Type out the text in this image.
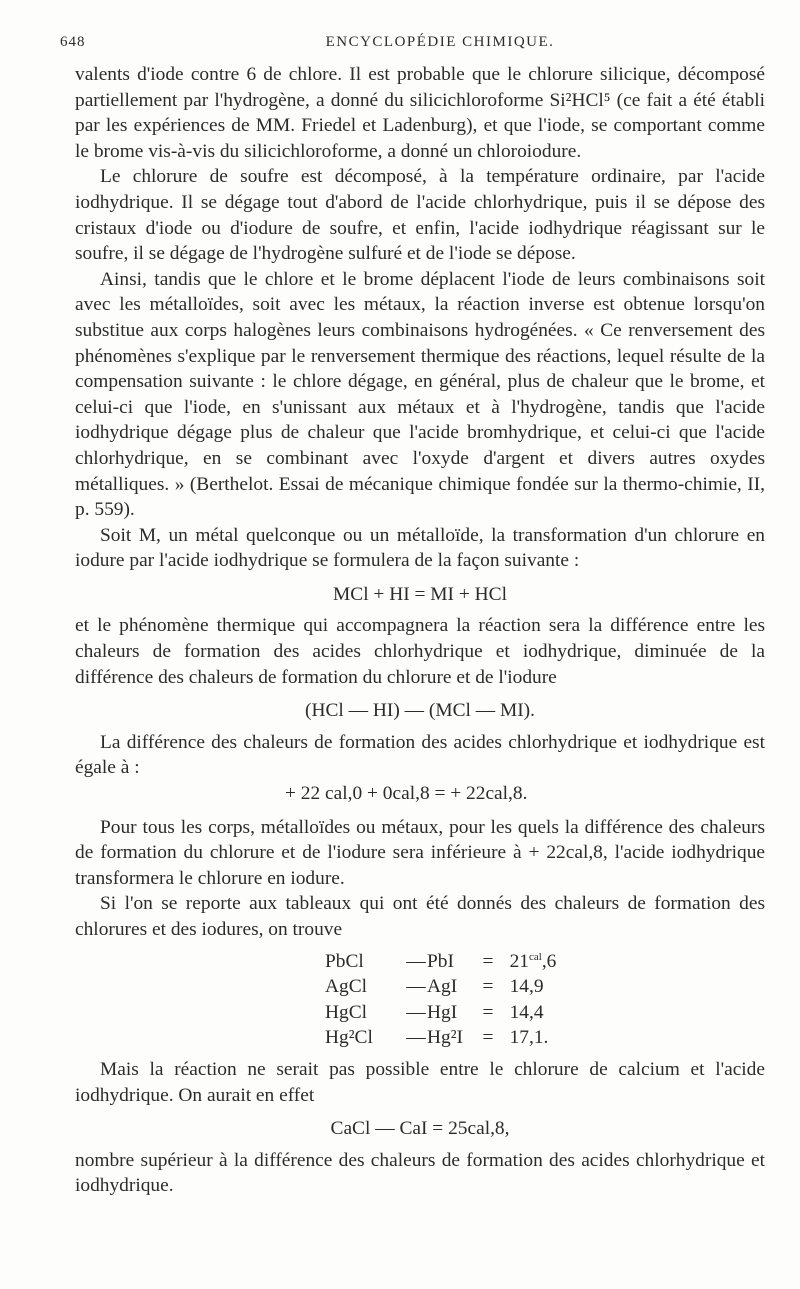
648	ENCYCLOPÉDIE CHIMIQUE.

valents d'iode contre 6 de chlore. Il est probable que le chlorure silicique, décomposé partiellement par l'hydrogène, a donné du silicichloroforme Si²HCl⁵ (ce fait a été établi par les expériences de MM. Friedel et Ladenburg), et que l'iode, se comportant comme le brome vis-à-vis du silicichloroforme, a donné un chloroiodure.

Le chlorure de soufre est décomposé, à la température ordinaire, par l'acide iodhydrique. Il se dégage tout d'abord de l'acide chlorhydrique, puis il se dépose des cristaux d'iode ou d'iodure de soufre, et enfin, l'acide iodhydrique réagissant sur le soufre, il se dégage de l'hydrogène sulfuré et de l'iode se dépose.

Ainsi, tandis que le chlore et le brome déplacent l'iode de leurs combinaisons soit avec les métalloïdes, soit avec les métaux, la réaction inverse est obtenue lorsqu'on substitue aux corps halogènes leurs combinaisons hydrogénées. « Ce renversement des phénomènes s'explique par le renversement thermique des réactions, lequel résulte de la compensation suivante : le chlore dégage, en général, plus de chaleur que le brome, et celui-ci que l'iode, en s'unissant aux métaux et à l'hydrogène, tandis que l'acide iodhydrique dégage plus de chaleur que l'acide bromhydrique, et celui-ci que l'acide chlorhydrique, en se combinant avec l'oxyde d'argent et divers autres oxydes métalliques. » (Berthelot. Essai de mécanique chimique fondée sur la thermo-chimie, II, p. 559).

Soit M, un métal quelconque ou un métalloïde, la transformation d'un chlorure en iodure par l'acide iodhydrique se formulera de la façon suivante :

MCl + HI = MI + HCl

et le phénomène thermique qui accompagnera la réaction sera la différence entre les chaleurs de formation des acides chlorhydrique et iodhydrique, diminuée de la différence des chaleurs de formation du chlorure et de l'iodure

(HCl — HI) — (MCl — MI).

La différence des chaleurs de formation des acides chlorhydrique et iodhydrique est égale à :

+ 22 cal,0 + 0cal,8 = + 22cal,8.

Pour tous les corps, métalloïdes ou métaux, pour les quels la différence des chaleurs de formation du chlorure et de l'iodure sera inférieure à + 22cal,8, l'acide iodhydrique transformera le chlorure en iodure.

Si l'on se reporte aux tableaux qui ont été donnés des chaleurs de formation des chlorures et des iodures, on trouve

PbCl	— PbI	= 21 $^{cal}$,6
AgCl	— AgI	= 14 ,9
HgCl	— HgI	= 14 ,4
Hg²Cl	— Hg²I	= 17 ,1.

Mais la réaction ne serait pas possible entre le chlorure de calcium et l'acide iodhydrique. On aurait en effet

CaCl — CaI = 25cal,8,

nombre supérieur à la différence des chaleurs de formation des acides chlorhydrique et iodhydrique.
